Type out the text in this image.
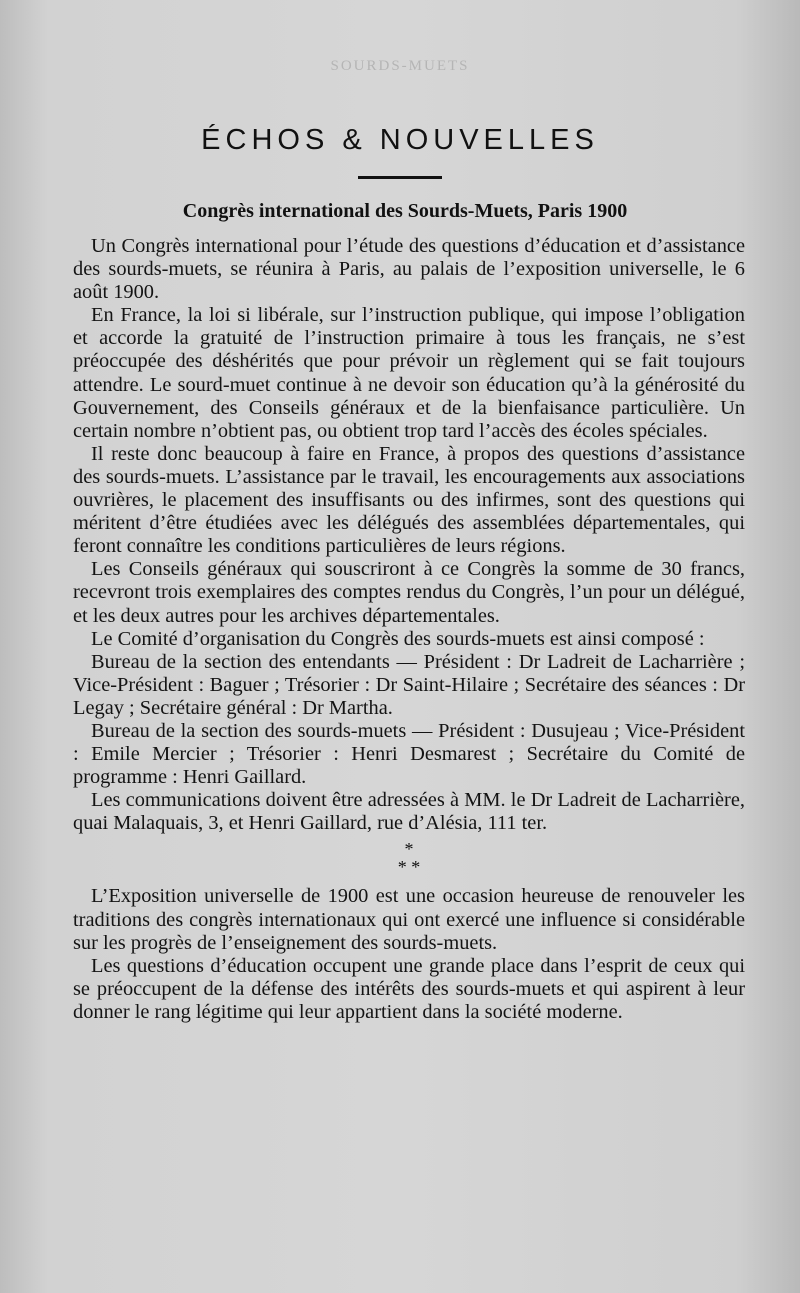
SOURDS-MUETS
ÉCHOS & NOUVELLES
Congrès international des Sourds-Muets, Paris 1900

Un Congrès international pour l’étude des questions d’éducation et d’assistance des sourds-muets, se réunira à Paris, au palais de l’exposition universelle, le 6 août 1900.

En France, la loi si libérale, sur l’instruction publique, qui impose l’obligation et accorde la gratuité de l’instruction primaire à tous les français, ne s’est préoccupée des déshérités que pour prévoir un règlement qui se fait toujours attendre. Le sourd-muet continue à ne devoir son éducation qu’à la générosité du Gouvernement, des Conseils généraux et de la bienfaisance particulière. Un certain nombre n’obtient pas, ou obtient trop tard l’accès des écoles spéciales.

Il reste donc beaucoup à faire en France, à propos des questions d’assistance des sourds-muets. L’assistance par le travail, les encouragements aux associations ouvrières, le placement des insuffisants ou des infirmes, sont des questions qui méritent d’être étudiées avec les délégués des assemblées départementales, qui feront connaître les conditions particulières de leurs régions.

Les Conseils généraux qui souscriront à ce Congrès la somme de 30 francs, recevront trois exemplaires des comptes rendus du Congrès, l’un pour un délégué, et les deux autres pour les archives départementales.

Le Comité d’organisation du Congrès des sourds-muets est ainsi composé :

Bureau de la section des entendants — Président : Dr Ladreit de Lacharrière ; Vice-Président : Baguer ; Trésorier : Dr Saint-Hilaire ; Secrétaire des séances : Dr Legay ; Secrétaire général : Dr Martha.

Bureau de la section des sourds-muets — Président : Dusujeau ; Vice-Président : Emile Mercier ; Trésorier : Henri Desmarest ; Secrétaire du Comité de programme : Henri Gaillard.

Les communications doivent être adressées à MM. le Dr Ladreit de Lacharrière, quai Malaquais, 3, et Henri Gaillard, rue d’Alésia, 111 ter.

*
* *

L’Exposition universelle de 1900 est une occasion heureuse de renouveler les traditions des congrès internationaux qui ont exercé une influence si considérable sur les progrès de l’enseignement des sourds-muets.

Les questions d’éducation occupent une grande place dans l’esprit de ceux qui se préoccupent de la défense des intérêts des sourds-muets et qui aspirent à leur donner le rang légitime qui leur appartient dans la société moderne.
